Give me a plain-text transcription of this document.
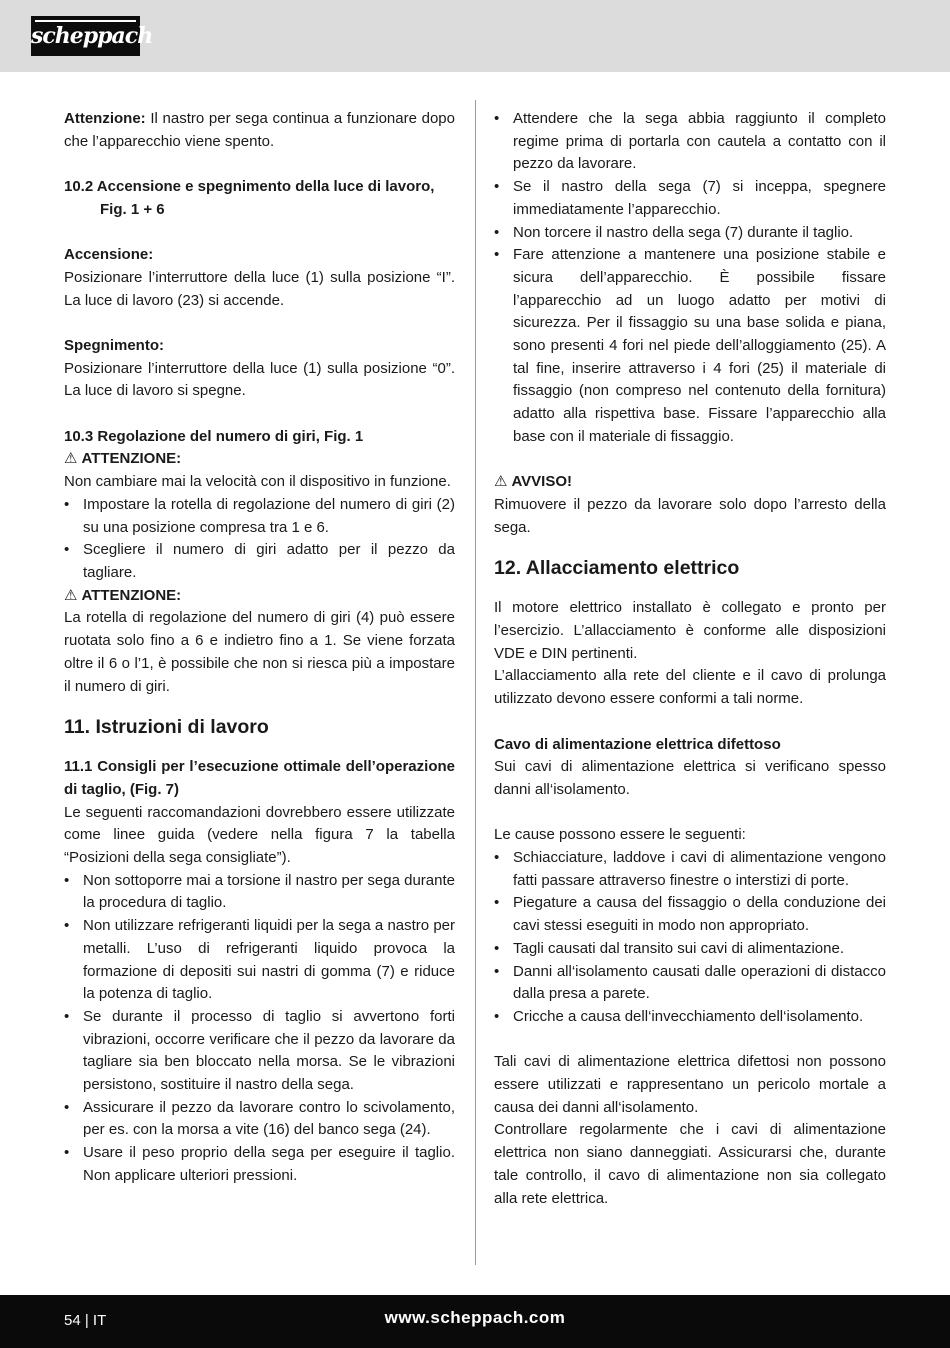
scheppach

Attenzione: Il nastro per sega continua a funzionare dopo che l’apparecchio viene spento.

10.2 Accensione e spegnimento della luce di lavoro, Fig. 1 + 6

Accensione:

Posizionare l’interruttore della luce (1) sulla posizione “I”. La luce di lavoro (23) si accende.

Spegnimento:

Posizionare l’interruttore della luce (1) sulla posizione “0”. La luce di lavoro si spegne.

10.3 Regolazione del numero di giri, Fig. 1

⚠ ATTENZIONE:

Non cambiare mai la velocità con il dispositivo in funzione.

• Impostare la rotella di regolazione del numero di giri (2) su una posizione compresa tra 1 e 6.
• Scegliere il numero di giri adatto per il pezzo da tagliare.

⚠ ATTENZIONE:

La rotella di regolazione del numero di giri (4) può essere ruotata solo fino a 6 e indietro fino a 1. Se viene forzata oltre il 6 o l’1, è possibile che non si riesca più a impostare il numero di giri.

11. Istruzioni di lavoro

11.1 Consigli per l’esecuzione ottimale dell’operazione di taglio, (Fig. 7)

Le seguenti raccomandazioni dovrebbero essere utilizzate come linee guida (vedere nella figura 7 la tabella “Posizioni della sega consigliate”).

• Non sottoporre mai a torsione il nastro per sega durante la procedura di taglio.
• Non utilizzare refrigeranti liquidi per la sega a nastro per metalli. L’uso di refrigeranti liquido provoca la formazione di depositi sui nastri di gomma (7) e riduce la potenza di taglio.
• Se durante il processo di taglio si avvertono forti vibrazioni, occorre verificare che il pezzo da lavorare da tagliare sia ben bloccato nella morsa. Se le vibrazioni persistono, sostituire il nastro della sega.
• Assicurare il pezzo da lavorare contro lo scivolamento, per es. con la morsa a vite (16) del banco sega (24).
• Usare il peso proprio della sega per eseguire il taglio. Non applicare ulteriori pressioni.
• Attendere che la sega abbia raggiunto il completo regime prima di portarla con cautela a contatto con il pezzo da lavorare.
• Se il nastro della sega (7) si inceppa, spegnere immediatamente l’apparecchio.
• Non torcere il nastro della sega (7) durante il taglio.
• Fare attenzione a mantenere una posizione stabile e sicura dell’apparecchio. È possibile fissare l’apparecchio ad un luogo adatto per motivi di sicurezza. Per il fissaggio su una base solida e piana, sono presenti 4 fori nel piede dell’alloggiamento (25). A tal fine, inserire attraverso i 4 fori (25) il materiale di fissaggio (non compreso nel contenuto della fornitura) adatto alla rispettiva base. Fissare l’apparecchio alla base con il materiale di fissaggio.

⚠ AVVISO!

Rimuovere il pezzo da lavorare solo dopo l’arresto della sega.

12. Allacciamento elettrico

Il motore elettrico installato è collegato e pronto per l’esercizio. L’allacciamento è conforme alle disposizioni VDE e DIN pertinenti.

L’allacciamento alla rete del cliente e il cavo di prolunga utilizzato devono essere conformi a tali norme.

Cavo di alimentazione elettrica difettoso

Sui cavi di alimentazione elettrica si verificano spesso danni all‘isolamento.

Le cause possono essere le seguenti:

• Schiacciature, laddove i cavi di alimentazione vengono fatti passare attraverso finestre o interstizi di porte.
• Piegature a causa del fissaggio o della conduzione dei cavi stessi eseguiti in modo non appropriato.
• Tagli causati dal transito sui cavi di alimentazione.
• Danni all‘isolamento causati dalle operazioni di distacco dalla presa a parete.
• Cricche a causa dell‘invecchiamento dell‘isolamento.

Tali cavi di alimentazione elettrica difettosi non possono essere utilizzati e rappresentano un pericolo mortale a causa dei danni all‘isolamento.

Controllare regolarmente che i cavi di alimentazione elettrica non siano danneggiati. Assicurarsi che, durante tale controllo, il cavo di alimentazione non sia collegato alla rete elettrica.

54 | IT	www.scheppach.com
